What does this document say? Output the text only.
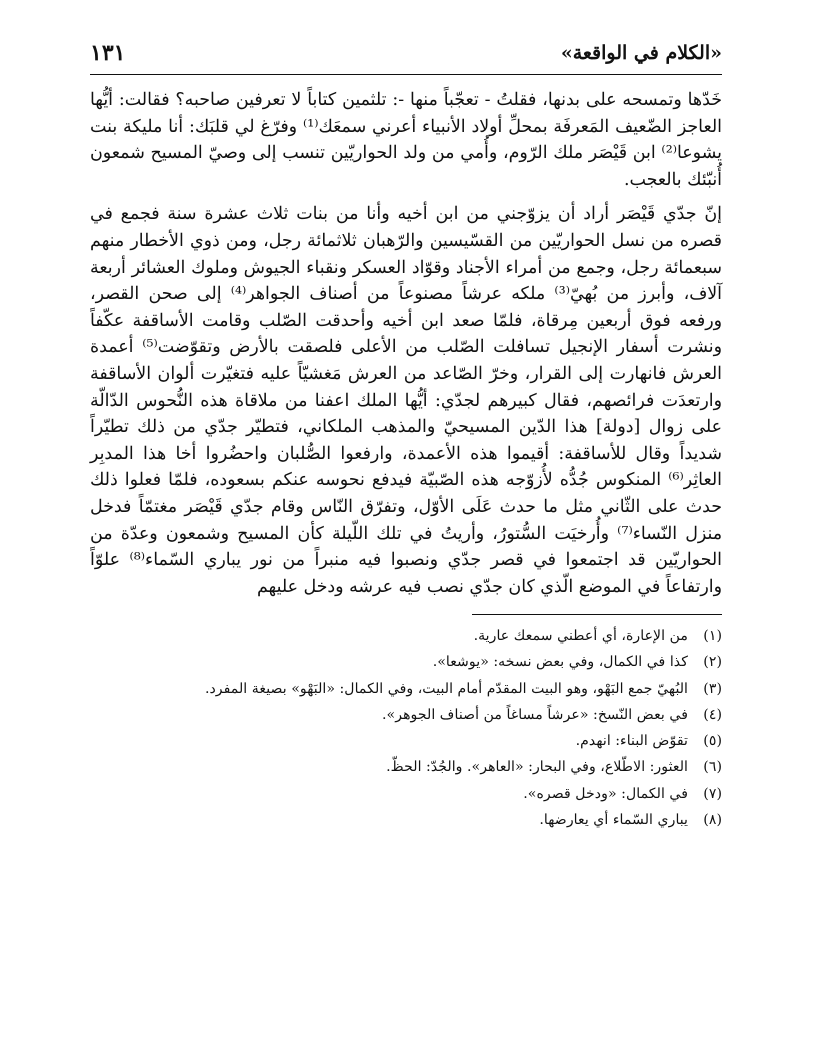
«الكلام في الواقعة»
١٣١

خَدّها وتمسحه على بدنها، فقلتُ - تعجّباً منها -: تلثمين كتاباً لا تعرفين صاحبه؟ فقالت: أيُّها العاجز الضّعيف المَعرفَة بمحلِّ أولاد الأنبياء أعرني سمعَك⁽¹⁾ وفرّغ لي قلبَك: أنا مليكة بنت يشوعا⁽²⁾ ابن قَيْصَر ملك الرّوم، وأُمي من ولد الحواريّين تنسب إلى وصيّ المسيح شمعون أُنبّئك بالعجب.

إنّ جدّي قَيْصَر أراد أن يزوّجني من ابن أخيه وأنا من بنات ثلاث عشرة سنة فجمع في قصره من نسل الحواريّين من القسّيسين والرّهبان ثلاثمائة رجل، ومن ذوي الأخطار منهم سبعمائة رجل، وجمع من أمراء الأجناد وقوّاد العسكر ونقباء الجيوش وملوك العشائر أربعة آلاف، وأبرز من بُهيّ⁽³⁾ ملكه عرشاً مصنوعاً من أصناف الجواهر⁽⁴⁾ إلى صحن القصر، ورفعه فوق أربعين مِرقاة، فلمّا صعد ابن أخيه وأحدقت الصّلب وقامت الأساقفة عكّفاً ونشرت أسفار الإنجيل تسافلت الصّلب من الأعلى فلصقت بالأرض وتقوّضت⁽⁵⁾ أعمدة العرش فانهارت إلى القرار، وخرّ الصّاعد من العرش مَغشيّاً عليه فتغيّرت ألوان الأساقفة وارتعدَت فرائصهم، فقال كبيرهم لجدّي: أيُّها الملك اعفنا من ملاقاة هذه النُّحوس الدّالّة على زوال [دولة] هذا الدّين المسيحيّ والمذهب الملكاني، فتطيّر جدّي من ذلك تطيّراً شديداً وقال للأساقفة: أقيموا هذه الأعمدة، وارفعوا الصُّلبان واحضُروا أخا هذا المدبِر العاثِر⁽⁶⁾ المنكوس جُدُّه لأُزوّجه هذه الصّبيّة فيدفع نحوسه عنكم بسعوده، فلمّا فعلوا ذلك حدث على الثّاني مثل ما حدث عَلَى الأوّل، وتفرّق النّاس وقام جدّي قَيْصَر مغتمّاً فدخل منزل النّساء⁽⁷⁾ وأُرخيَت السُّتورُ، وأريتُ في تلك اللّيلة كأن المسيح وشمعون وعدّة من الحواريّين قد اجتمعوا في قصر جدّي ونصبوا فيه منبراً من نور يباري السّماء⁽⁸⁾ علوّاً وارتفاعاً في الموضع الّذي كان جدّي نصب فيه عرشه ودخل عليهم

(١)
من الإعارة، أي أعطني سمعك عارية.
(٢)
كذا في الكمال، وفي بعض نسخه: «يوشعا».
(٣)
البُهيّ جمع البَهْو، وهو البيت المقدّم أمام البيت، وفي الكمال: «البَهْو» بصيغة المفرد.
(٤)
في بعض النّسخ: «عرشاً مساغاً من أصناف الجوهر».
(٥)
تقوّض البناء: انهدم.
(٦)
العثور: الاطّلاع، وفي البحار: «العاهر». والجُدّ: الحظّ.
(٧)
في الكمال: «ودخل قصره».
(٨)
يباري السّماء أي يعارضها.
